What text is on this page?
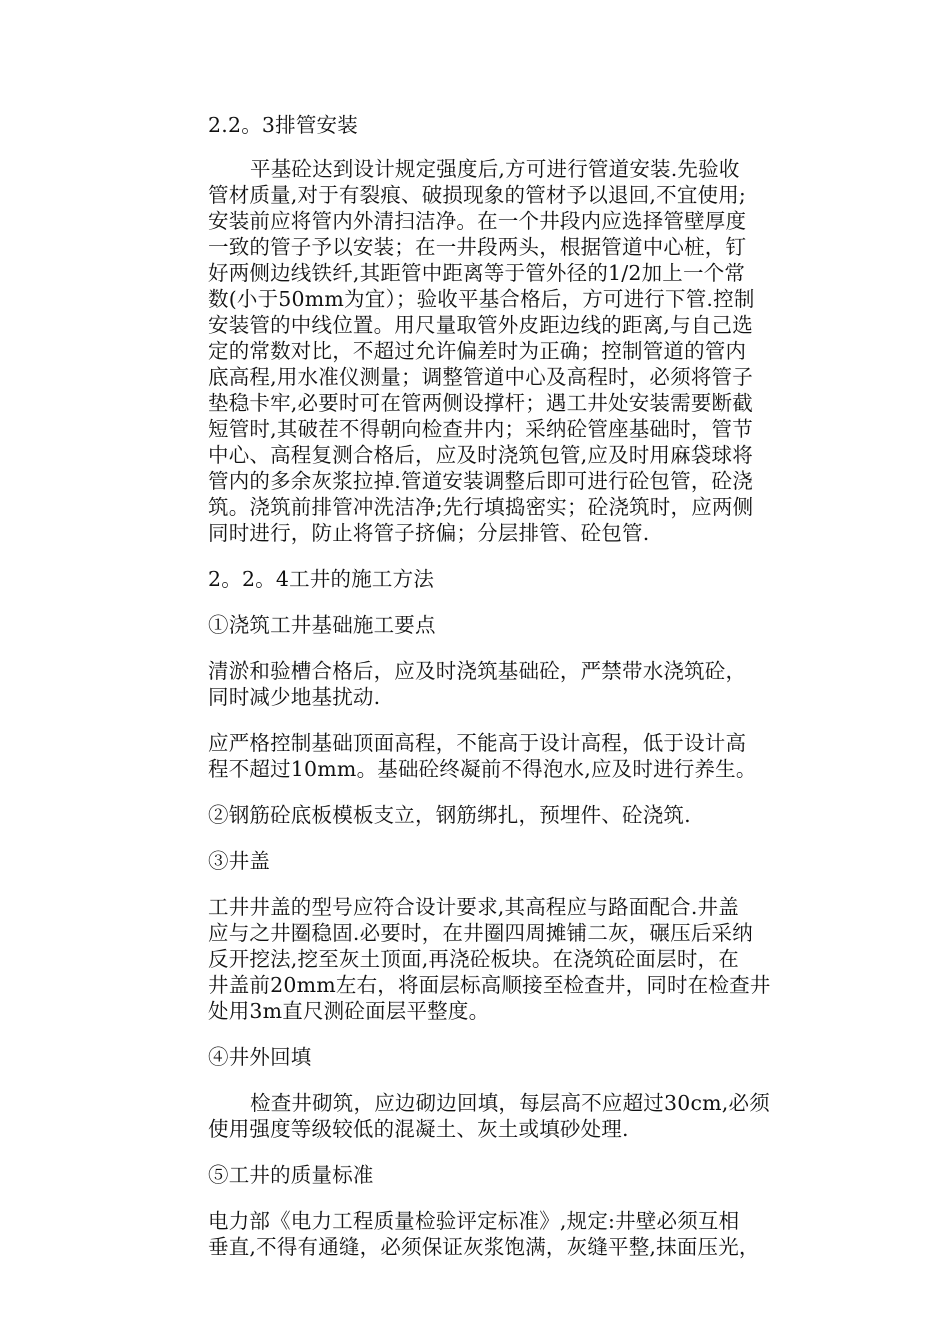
2.2。3排管安装
平基砼达到设计规定强度后,方可进行管道安装.先验收
管材质量,对于有裂痕、破损现象的管材予以退回,不宜使用;
安装前应将管内外清扫洁净。在一个井段内应选择管壁厚度
一致的管子予以安装；在一井段两头，根据管道中心桩，钉
好两侧边线铁纤,其距管中距离等于管外径的1/2加上一个常
数(小于50mm为宜）；验收平基合格后，方可进行下管.控制
安装管的中线位置。用尺量取管外皮距边线的距离,与自己选
定的常数对比，不超过允许偏差时为正确；控制管道的管内
底高程,用水准仪测量；调整管道中心及高程时，必须将管子
垫稳卡牢,必要时可在管两侧设撑杆；遇工井处安装需要断截
短管时,其破茬不得朝向检查井内；采纳砼管座基础时，管节
中心、高程复测合格后，应及时浇筑包管,应及时用麻袋球将
管内的多余灰浆拉掉.管道安装调整后即可进行砼包管，砼浇
筑。浇筑前排管冲洗洁净;先行填捣密实；砼浇筑时，应两侧
同时进行，防止将管子挤偏；分层排管、砼包管.
2。2。4工井的施工方法
①浇筑工井基础施工要点
清淤和验槽合格后，应及时浇筑基础砼，严禁带水浇筑砼，
同时减少地基扰动.
应严格控制基础顶面高程，不能高于设计高程，低于设计高
程不超过10mm。基础砼终凝前不得泡水,应及时进行养生。
②钢筋砼底板模板支立，钢筋绑扎，预埋件、砼浇筑.
③井盖
工井井盖的型号应符合设计要求,其高程应与路面配合.井盖
应与之井圈稳固.必要时，在井圈四周摊铺二灰，碾压后采纳
反开挖法,挖至灰土顶面,再浇砼板块。在浇筑砼面层时，在
井盖前20mm左右，将面层标高顺接至检查井，同时在检查井
处用3m直尺测砼面层平整度。
④井外回填
检查井砌筑，应边砌边回填，每层高不应超过30cm,必须
使用强度等级较低的混凝土、灰土或填砂处理.
⑤工井的质量标准
电力部《电力工程质量检验评定标准》,规定:井壁必须互相
垂直,不得有通缝，必须保证灰浆饱满，灰缝平整,抹面压光，
